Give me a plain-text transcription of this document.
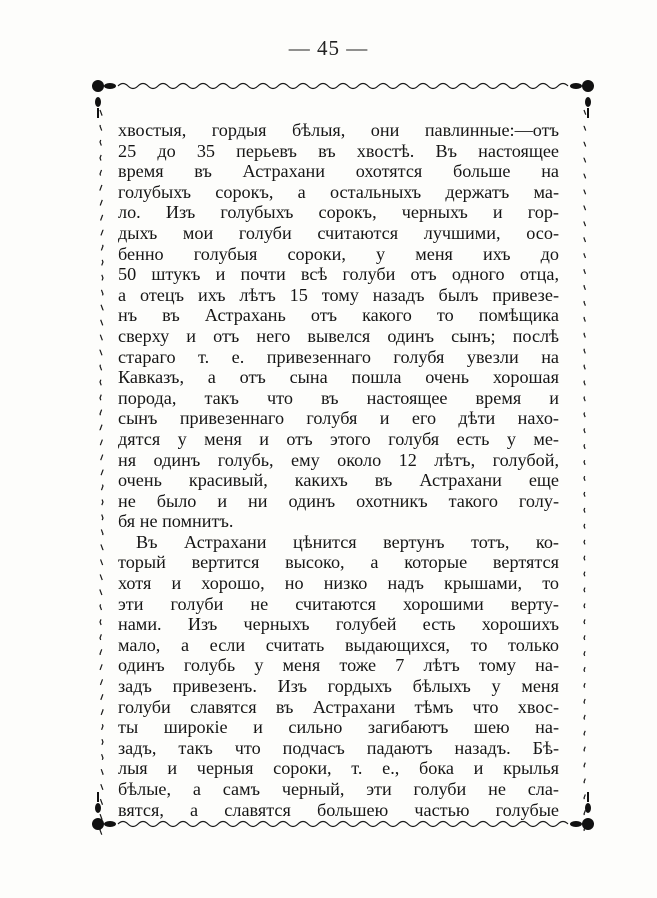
— 45 —
хвостыя, гордыя бѣлыя, они павлинные:—отъ
25 до 35 перьевъ въ хвостѣ. Въ настоящее
время въ Астрахани охотятся больше на
голубыхъ сорокъ, а остальныхъ держатъ ма-
ло. Изъ голубыхъ сорокъ, черныхъ и гор-
дыхъ мои голуби считаются лучшими, осо-
бенно голубыя сороки, у меня ихъ до
50 штукъ и почти всѣ голуби отъ одного отца,
а отецъ ихъ лѣтъ 15 тому назадъ былъ привезе-
нъ въ Астрахань отъ какого то помѣщика
сверху и отъ него вывелся одинъ сынъ; послѣ
стараго т. е. привезеннаго голубя увезли на
Кавказъ, а отъ сына пошла очень хорошая
порода, такъ что въ настоящее время и
сынъ привезеннаго голубя и его дѣти нахо-
дятся у меня и отъ этого голубя есть у ме-
ня одинъ голубь, ему около 12 лѣтъ, голубой,
очень красивый, какихъ въ Астрахани еще
не было и ни одинъ охотникъ такого голу-
бя не помнитъ.
Въ Астрахани цѣнится вертунъ тотъ, ко-
торый вертится высоко, а которые вертятся
хотя и хорошо, но низко надъ крышами, то
эти голуби не считаются хорошими верту-
нами. Изъ черныхъ голубей есть хорошихъ
мало, а если считать выдающихся, то только
одинъ голубь у меня тоже 7 лѣтъ тому на-
задъ привезенъ. Изъ гордыхъ бѣлыхъ у меня
голуби славятся въ Астрахани тѣмъ что хвос-
ты широкіе и сильно загибаютъ шею на-
задъ, такъ что подчасъ падаютъ назадъ. Бѣ-
лыя и черныя сороки, т. е., бока и крылья
бѣлые, а самъ черный, эти голуби не сла-
вятся, а славятся большею частью голубые
